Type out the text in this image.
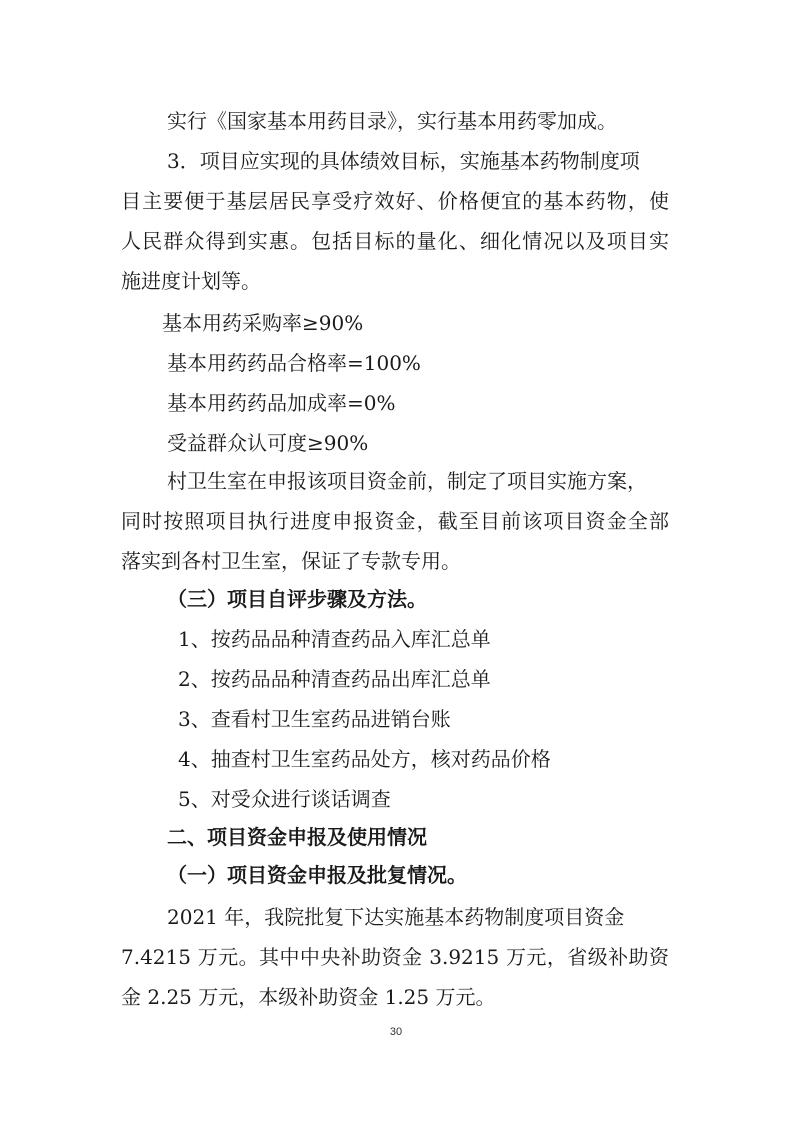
实行《国家基本用药目录》，实行基本用药零加成。
3．项目应实现的具体绩效目标，实施基本药物制度项
目主要便于基层居民享受疗效好、价格便宜的基本药物，使
人民群众得到实惠。包括目标的量化、细化情况以及项目实
施进度计划等。
基本用药采购率≥90%
基本用药药品合格率=100%
基本用药药品加成率=0%
受益群众认可度≥90%
村卫生室在申报该项目资金前，制定了项目实施方案，
同时按照项目执行进度申报资金，截至目前该项目资金全部
落实到各村卫生室，保证了专款专用。
（三）项目自评步骤及方法。
1、按药品品种清查药品入库汇总单
2、按药品品种清查药品出库汇总单
3、查看村卫生室药品进销台账
4、抽查村卫生室药品处方，核对药品价格
5、对受众进行谈话调查
二、项目资金申报及使用情况
（一）项目资金申报及批复情况。
2021 年，我院批复下达实施基本药物制度项目资金
7.4215 万元。其中中央补助资金 3.9215 万元，省级补助资
金 2.25 万元，本级补助资金 1.25 万元。
30
